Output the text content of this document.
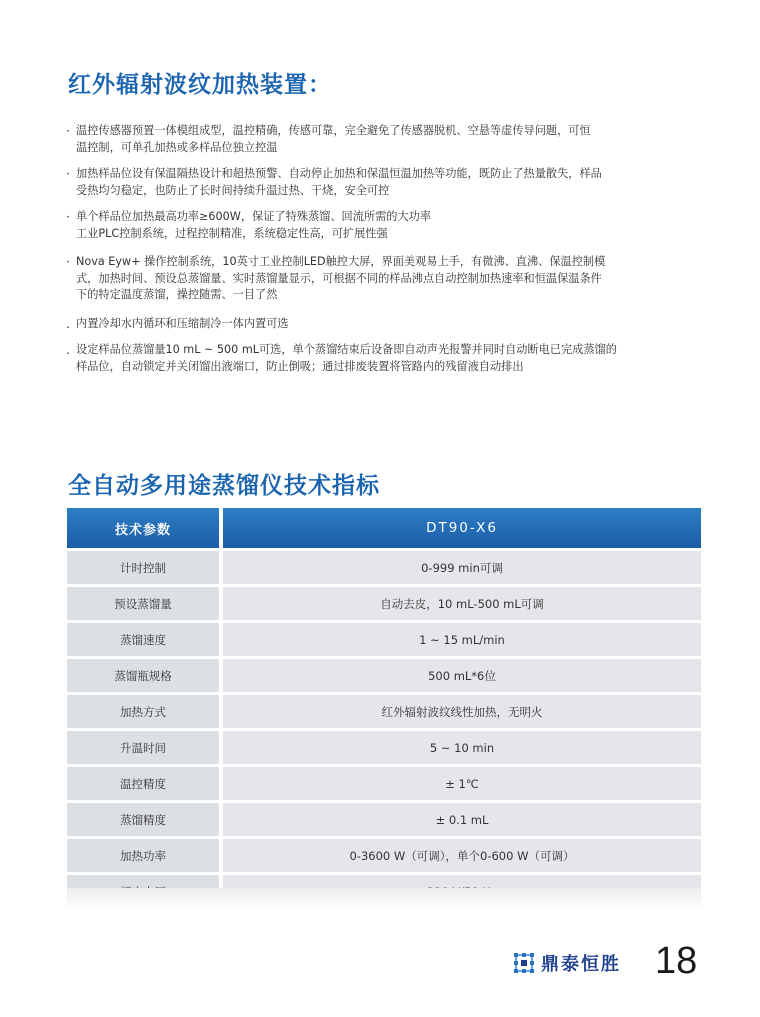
红外辐射波纹加热装置：
· 温控传感器预置一体模组成型，温控精确，传感可靠，完全避免了传感器脱机、空悬等虚传导问题，可恒
温控制，可单孔加热或多样品位独立控温
· 加热样品位设有保温隔热设计和超热预警、自动停止加热和保温恒温加热等功能，既防止了热量散失，样品
受热均匀稳定，也防止了长时间持续升温过热、干烧，安全可控
· 单个样品位加热最高功率≥600W，保证了特殊蒸馏、回流所需的大功率
工业PLC控制系统，过程控制精准，系统稳定性高，可扩展性强
· Nova Eyw+ 操作控制系统，10英寸工业控制LED触控大屏，界面美观易上手，有微沸、直沸、保温控制模
式，加热时间、预设总蒸馏量、实时蒸馏量显示，可根据不同的样品沸点自动控制加热速率和恒温保温条件
下的特定温度蒸馏，操控随需、一目了然
. 内置冷却水内循环和压缩制冷一体内置可选
. 设定样品位蒸馏量10 mL ~ 500 mL可选，单个蒸馏结束后设备即自动声光报警并同时自动断电已完成蒸馏的
样品位，自动锁定并关闭馏出液端口，防止倒吸；通过排废装置将管路内的残留液自动排出
全自动多用途蒸馏仪技术指标
技术参数	DT90-X6
计时控制	0-999 min可调
预设蒸馏量	自动去皮，10 mL-500 mL可调
蒸馏速度	1 ~ 15 mL/min
蒸馏瓶规格	500 mL*6位
加热方式	红外辐射波纹线性加热，无明火
升温时间	5 ~ 10 min
温控精度	± 1℃
蒸馏精度	± 0.1 mL
加热功率	0-3600 W（可调），单个0-600 W（可调）

鼎泰恒胜 18
